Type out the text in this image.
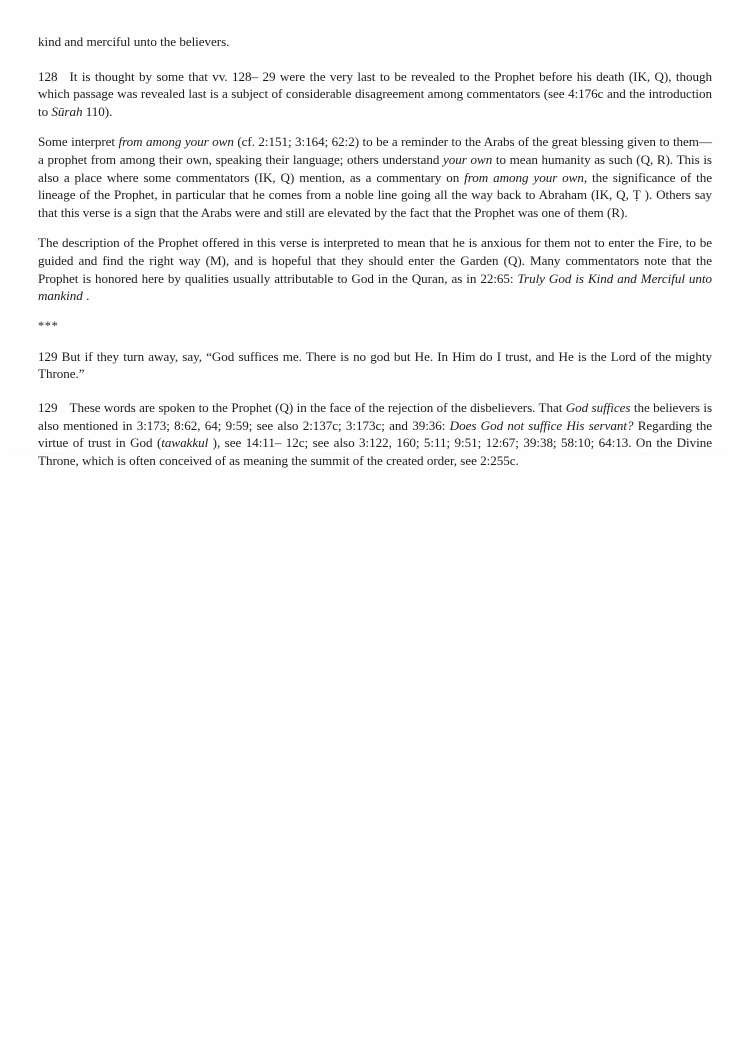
kind and merciful unto the believers.

128 It is thought by some that vv. 128– 29 were the very last to be revealed to the Prophet before his death (IK, Q), though which passage was revealed last is a subject of considerable disagreement among commentators (see 4:176c and the introduction to Sūrah 110).

Some interpret from among your own (cf. 2:151; 3:164; 62:2) to be a reminder to the Arabs of the great blessing given to them—a prophet from among their own, speaking their language; others understand your own to mean humanity as such (Q, R). This is also a place where some commentators (IK, Q) mention, as a commentary on from among your own, the significance of the lineage of the Prophet, in particular that he comes from a noble line going all the way back to Abraham (IK, Q, Ṭ ). Others say that this verse is a sign that the Arabs were and still are elevated by the fact that the Prophet was one of them (R).

The description of the Prophet offered in this verse is interpreted to mean that he is anxious for them not to enter the Fire, to be guided and find the right way (M), and is hopeful that they should enter the Garden (Q). Many commentators note that the Prophet is honored here by qualities usually attributable to God in the Quran, as in 22:65: Truly God is Kind and Merciful unto mankind .

***

129 But if they turn away, say, “God suffices me. There is no god but He. In Him do I trust, and He is the Lord of the mighty Throne.”

129 These words are spoken to the Prophet (Q) in the face of the rejection of the disbelievers. That God suffices the believers is also mentioned in 3:173; 8:62, 64; 9:59; see also 2:137c; 3:173c; and 39:36: Does God not suffice His servant? Regarding the virtue of trust in God (tawakkul ), see 14:11– 12c; see also 3:122, 160; 5:11; 9:51; 12:67; 39:38; 58:10; 64:13. On the Divine Throne, which is often conceived of as meaning the summit of the created order, see 2:255c.
